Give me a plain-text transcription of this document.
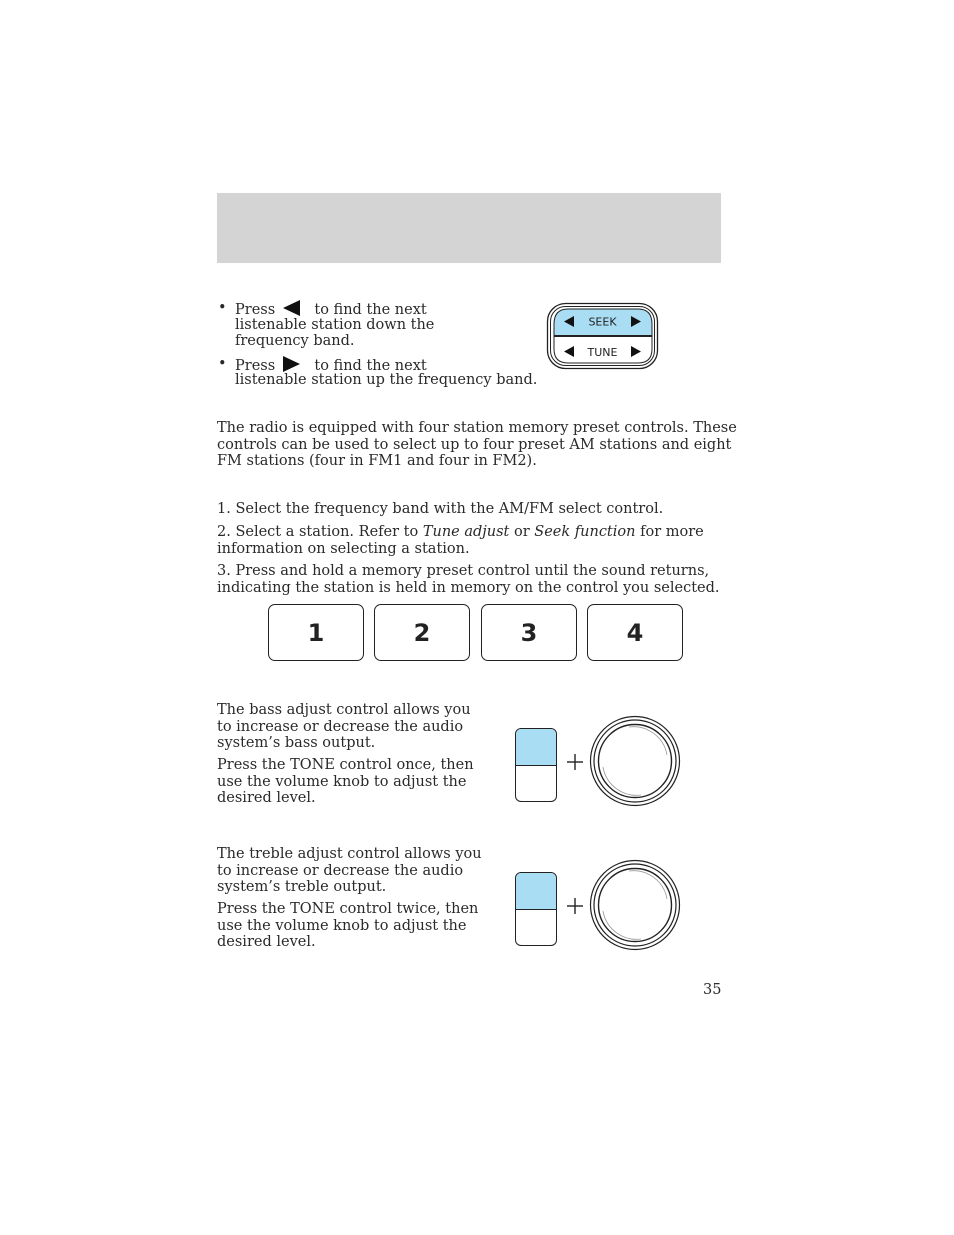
• Press	to find the next
listenable station down the
frequency band.
• Press	to find the next
listenable station up the frequency band.
SEEK
TUNE
The radio is equipped with four station memory preset controls. These
controls can be used to select up to four preset AM stations and eight
FM stations (four in FM1 and four in FM2).
1. Select the frequency band with the AM/FM select control.
2. Select a station. Refer to Tune adjust or Seek function for more
information on selecting a station.
3. Press and hold a memory preset control until the sound returns,
indicating the station is held in memory on the control you selected.
1	2	3	4
The bass adjust control allows you
to increase or decrease the audio
system’s bass output.
Press the TONE control once, then
use the volume knob to adjust the
desired level.
The treble adjust control allows you
to increase or decrease the audio
system’s treble output.
Press the TONE control twice, then
use the volume knob to adjust the
desired level.
35
